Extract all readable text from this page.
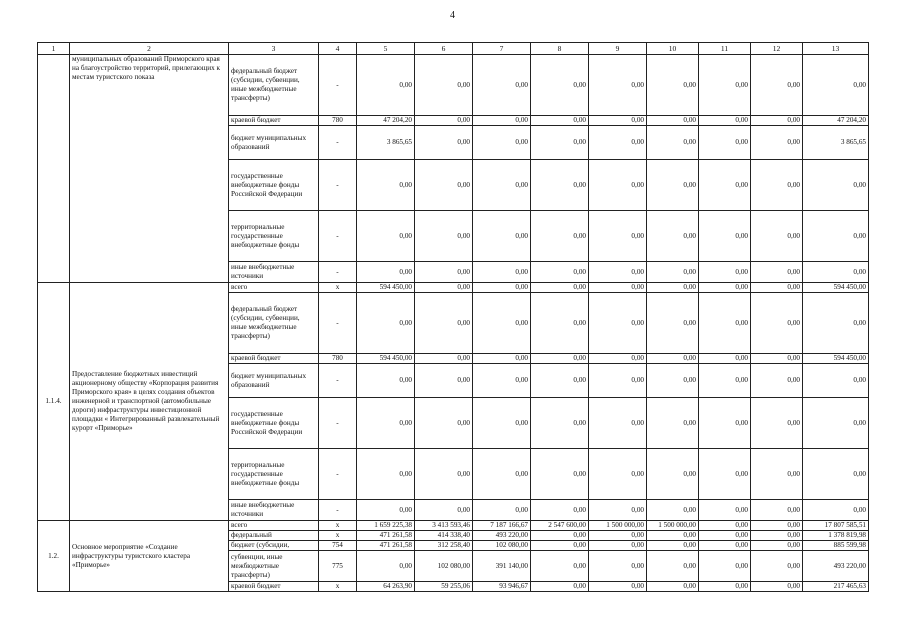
4
1	2	3	4	5	6	7	8	9	10	11	12	13
	муниципальных образований Приморского края на благоустройство территорий, прилегающих к местам туристского показа	федеральный бюджет (субсидии, субвенции, иные межбюджетные трансферты)	-	0,00	0,00	0,00	0,00	0,00	0,00	0,00	0,00	0,00
		краевой бюджет	780	47 204,20	0,00	0,00	0,00	0,00	0,00	0,00	0,00	47 204,20
		бюджет муниципальных образований	-	3 865,65	0,00	0,00	0,00	0,00	0,00	0,00	0,00	3 865,65
		государственные внебюджетные фонды Российской Федерации	-	0,00	0,00	0,00	0,00	0,00	0,00	0,00	0,00	0,00
		территориальные государственные внебюджетные фонды	-	0,00	0,00	0,00	0,00	0,00	0,00	0,00	0,00	0,00
		иные внебюджетные источники	-	0,00	0,00	0,00	0,00	0,00	0,00	0,00	0,00	0,00
1.1.4.	Предоставление бюджетных инвестиций акционерному обществу «Корпорация развития Приморского края» в целях создания объектов инженерной и транспортной (автомобильные дороги) инфраструктуры инвестиционной площадки « Интегрированный развлекательный курорт «Приморье»	всего	х	594 450,00	0,00	0,00	0,00	0,00	0,00	0,00	0,00	594 450,00
		федеральный бюджет (субсидии, субвенции, иные межбюджетные трансферты)	-	0,00	0,00	0,00	0,00	0,00	0,00	0,00	0,00	0,00
		краевой бюджет	780	594 450,00	0,00	0,00	0,00	0,00	0,00	0,00	0,00	594 450,00
		бюджет муниципальных образований	-	0,00	0,00	0,00	0,00	0,00	0,00	0,00	0,00	0,00
		государственные внебюджетные фонды Российской Федерации	-	0,00	0,00	0,00	0,00	0,00	0,00	0,00	0,00	0,00
		территориальные государственные внебюджетные фонды	-	0,00	0,00	0,00	0,00	0,00	0,00	0,00	0,00	0,00
		иные внебюджетные источники	-	0,00	0,00	0,00	0,00	0,00	0,00	0,00	0,00	0,00
1.2.	Основное мероприятие «Создание инфраструктуры туристского кластера «Приморье»	всего	х	1 659 225,38	3 413 593,46	7 187 166,67	2 547 600,00	1 500 000,00	1 500 000,00	0,00	0,00	17 807 585,51
		федеральный	х	471 261,58	414 338,40	493 220,00	0,00	0,00	0,00	0,00	0,00	1 378 819,98
		бюджет (субсидии,	754	471 261,58	312 258,40	102 080,00	0,00	0,00	0,00	0,00	0,00	885 599,98
		субвенции, иные межбюджетные трансферты)	775	0,00	102 080,00	391 140,00	0,00	0,00	0,00	0,00	0,00	493 220,00
		краевой бюджет	х	64 263,90	59 255,06	93 946,67	0,00	0,00	0,00	0,00	0,00	217 465,63
